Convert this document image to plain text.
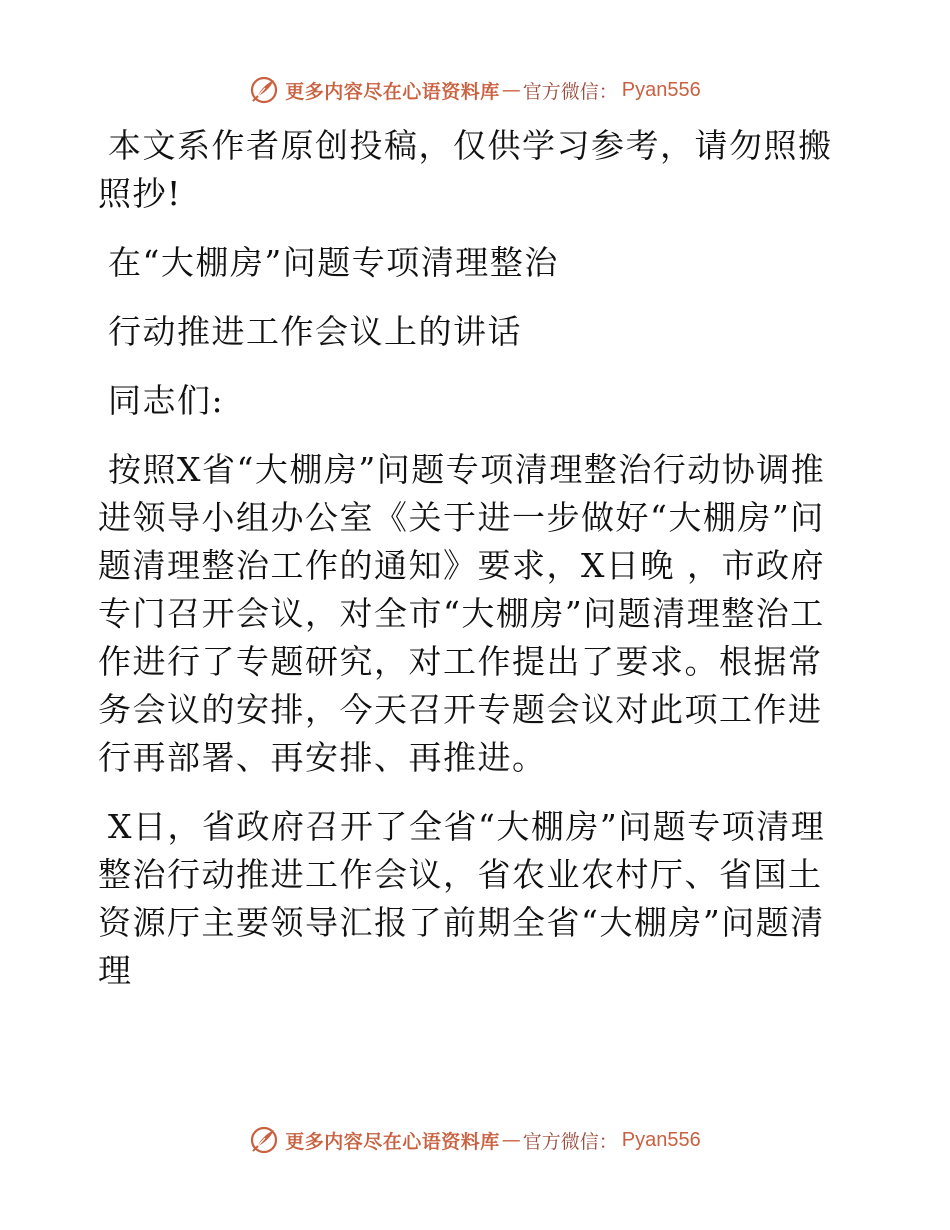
更多内容尽在心语资料库 — 官方微信： Pyan556

本文系作者原创投稿，仅供学习参考，请勿照搬照抄!

在“大棚房”问题专项清理整治

行动推进工作会议上的讲话

同志们:

按照X省“大棚房”问题专项清理整治行动协调推进领导小组办公室《关于进一步做好“大棚房”问题清理整治工作的通知》要求，X日晚 ，市政府专门召开会议，对全市“大棚房”问题清理整治工作进行了专题研究，对工作提出了要求。根据常务会议的安排，今天召开专题会议对此项工作进行再部署、再安排、再推进。

X日，省政府召开了全省“大棚房”问题专项清理整治行动推进工作会议，省农业农村厅、省国土资源厅主要领导汇报了前期全省“大棚房”问题清理

更多内容尽在心语资料库 — 官方微信： Pyan556
